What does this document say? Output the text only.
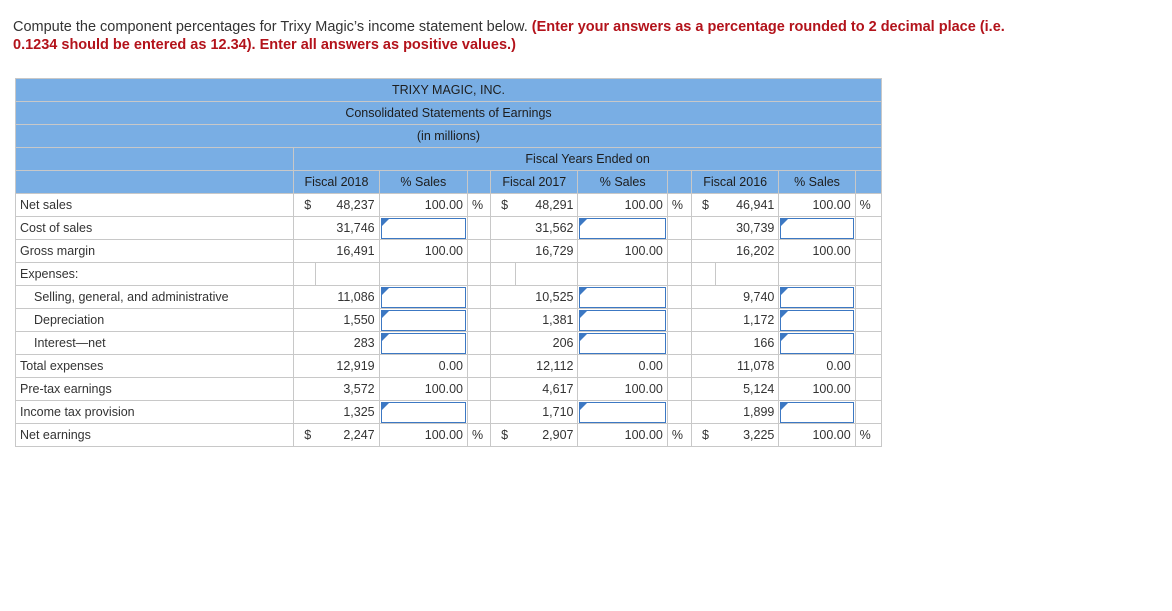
Compute the component percentages for Trixy Magic’s income statement below. (Enter your answers as a percentage rounded to 2 decimal place (i.e. 0.1234 should be entered as 12.34). Enter all answers as positive values.)
TRIXY MAGIC, INC.												
Consolidated Statements of Earnings												
(in millions)												
	Fiscal Years Ended on											
	Fiscal 2018		% Sales		Fiscal 2017		% Sales		Fiscal 2016		% Sales	
Net sales	$	48,237	100.00	%	$	48,291	100.00	%	$	46,941	100.00	%
Cost of sales		31,746				31,562				30,739	

Gross margin		16,491	100.00			16,729	100.00			16,202	100.00	
Expenses:												
Selling, general, and administrative		11,086				10,525				9,740	

Depreciation		1,550				1,381				1,172	

Interest—net		283				206				166	

Total expenses		12,919	0.00			12,112	0.00			11,078	0.00	
Pre-tax earnings		3,572	100.00			4,617	100.00			5,124	100.00	
Income tax provision		1,325				1,710				1,899	

Net earnings	$	2,247	100.00	%	$	2,907	100.00	%	$	3,225	100.00	%
